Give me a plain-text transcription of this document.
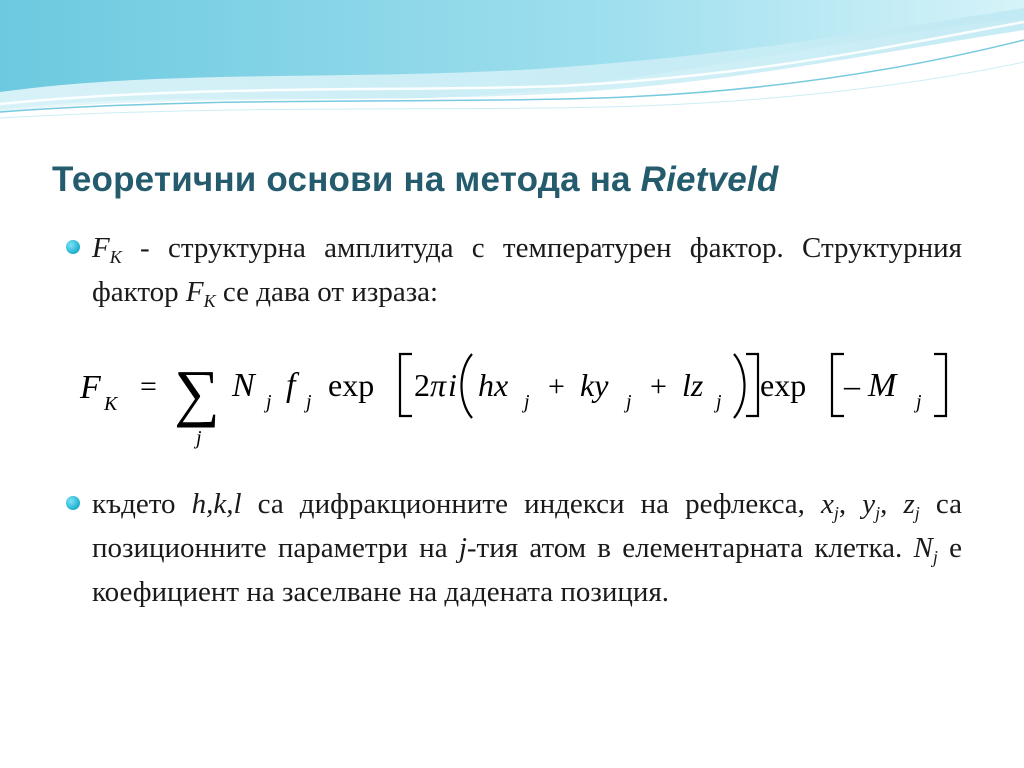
Теоретични основи на метода на Rietveld

$F_K$ - структурна амплитуда с температурен фактор. Структурния фактор $F_K$ се дава от израза:

F K
= ∑
j
N j f j exp 2 π i hx j + ky j + lz j exp – M j

където h,k,l са дифракционните индекси на рефлекса, $x_j$, $y_j$, $z_j$ са позиционните параметри на j-тия атом в елементарната клетка. $N_j$ е коефициент на заселване на дадената позиция.
